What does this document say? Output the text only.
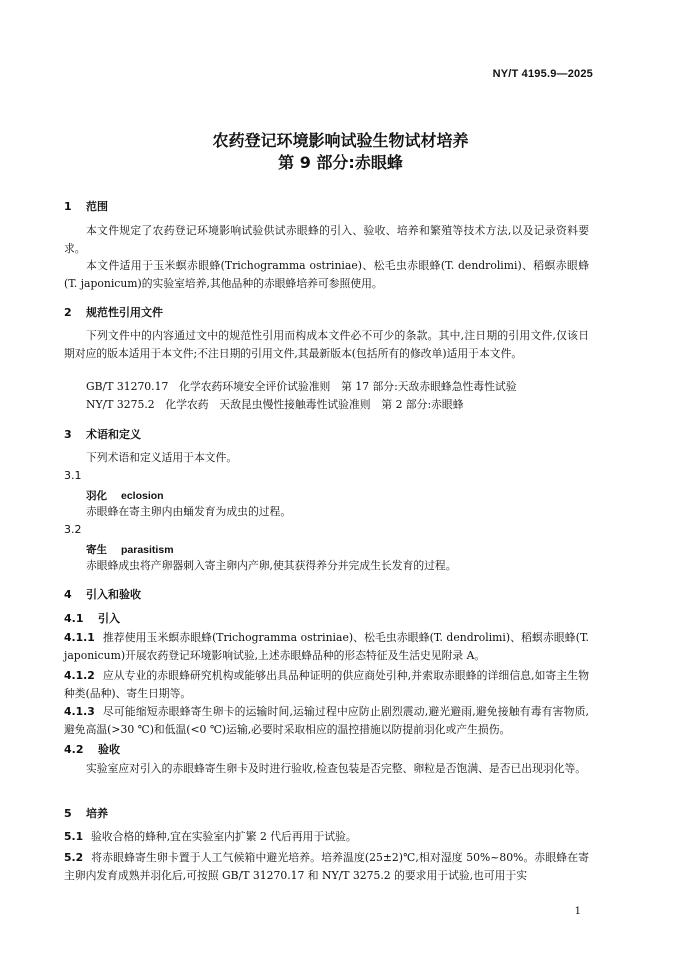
NY/T 4195.9—2025
农药登记环境影响试验生物试材培养
第 9 部分:赤眼蜂
1 范围
本文件规定了农药登记环境影响试验供试赤眼蜂的引入、验收、培养和繁殖等技术方法,以及记录资料要求。
本文件适用于玉米螟赤眼蜂(Trichogramma ostriniae)、松毛虫赤眼蜂(T. dendrolimi)、稻螟赤眼蜂(T. japonicum)的实验室培养,其他品种的赤眼蜂培养可参照使用。
2 规范性引用文件
下列文件中的内容通过文中的规范性引用而构成本文件必不可少的条款。其中,注日期的引用文件,仅该日期对应的版本适用于本文件;不注日期的引用文件,其最新版本(包括所有的修改单)适用于本文件。
GB/T 31270.17　化学农药环境安全评价试验准则　第 17 部分:天敌赤眼蜂急性毒性试验
NY/T 3275.2　化学农药　天敌昆虫慢性接触毒性试验准则　第 2 部分:赤眼蜂
3 术语和定义
下列术语和定义适用于本文件。
3.1
羽化 eclosion
赤眼蜂在寄主卵内由蛹发育为成虫的过程。
3.2
寄生 parasitism
赤眼蜂成虫将产卵器刺入寄主卵内产卵,使其获得养分并完成生长发育的过程。
4 引入和验收
4.1 引入
4.1.1 推荐使用玉米螟赤眼蜂(Trichogramma ostriniae)、松毛虫赤眼蜂(T. dendrolimi)、稻螟赤眼蜂(T. japonicum)开展农药登记环境影响试验,上述赤眼蜂品种的形态特征及生活史见附录 A。
4.1.2 应从专业的赤眼蜂研究机构或能够出具品种证明的供应商处引种,并索取赤眼蜂的详细信息,如寄主生物种类(品种)、寄生日期等。
4.1.3 尽可能缩短赤眼蜂寄生卵卡的运输时间,运输过程中应防止剧烈震动,避光避雨,避免接触有毒有害物质,避免高温(>30 ℃)和低温(<0 ℃)运输,必要时采取相应的温控措施以防提前羽化或产生损伤。
4.2 验收
实验室应对引入的赤眼蜂寄生卵卡及时进行验收,检查包装是否完整、卵粒是否饱满、是否已出现羽化等。
5 培养
5.1 验收合格的蜂种,宜在实验室内扩繁 2 代后再用于试验。
5.2 将赤眼蜂寄生卵卡置于人工气候箱中避光培养。培养温度(25±2)℃,相对湿度 50%~80%。赤眼蜂在寄主卵内发育成熟并羽化后,可按照 GB/T 31270.17 和 NY/T 3275.2 的要求用于试验,也可用于实
1
